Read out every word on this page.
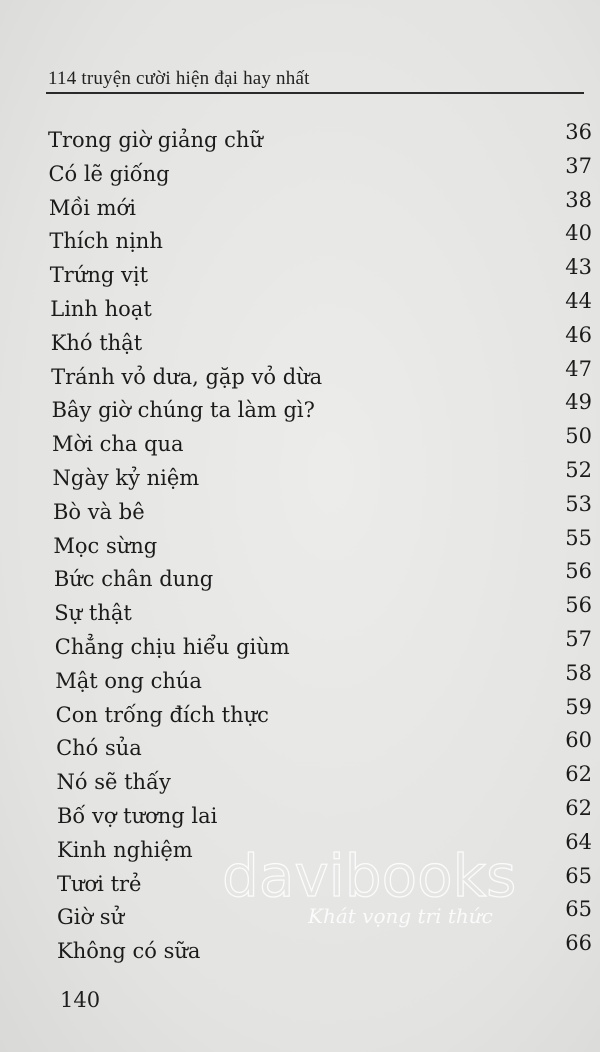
114 truyện cười hiện đại hay nhất
Trong giờ giảng chữ	36
Có lẽ giống	37
Mồi mới	38
Thích nịnh	40
Trứng vịt	43
Linh hoạt	44
Khó thật	46
Tránh vỏ dưa, gặp vỏ dừa	47
Bây giờ chúng ta làm gì?	49
Mời cha qua	50
Ngày kỷ niệm	52
Bò và bê	53
Mọc sừng	55
Bức chân dung	56
Sự thật	56
Chẳng chịu hiểu giùm	57
Mật ong chúa	58
Con trống đích thực	59
Chó sủa	60
Nó sẽ thấy	62
Bố vợ tương lai	62
Kinh nghiệm	64
Tươi trẻ	65
Giờ sử	65
Không có sữa	66
140
davibooks
Khát vọng tri thức
